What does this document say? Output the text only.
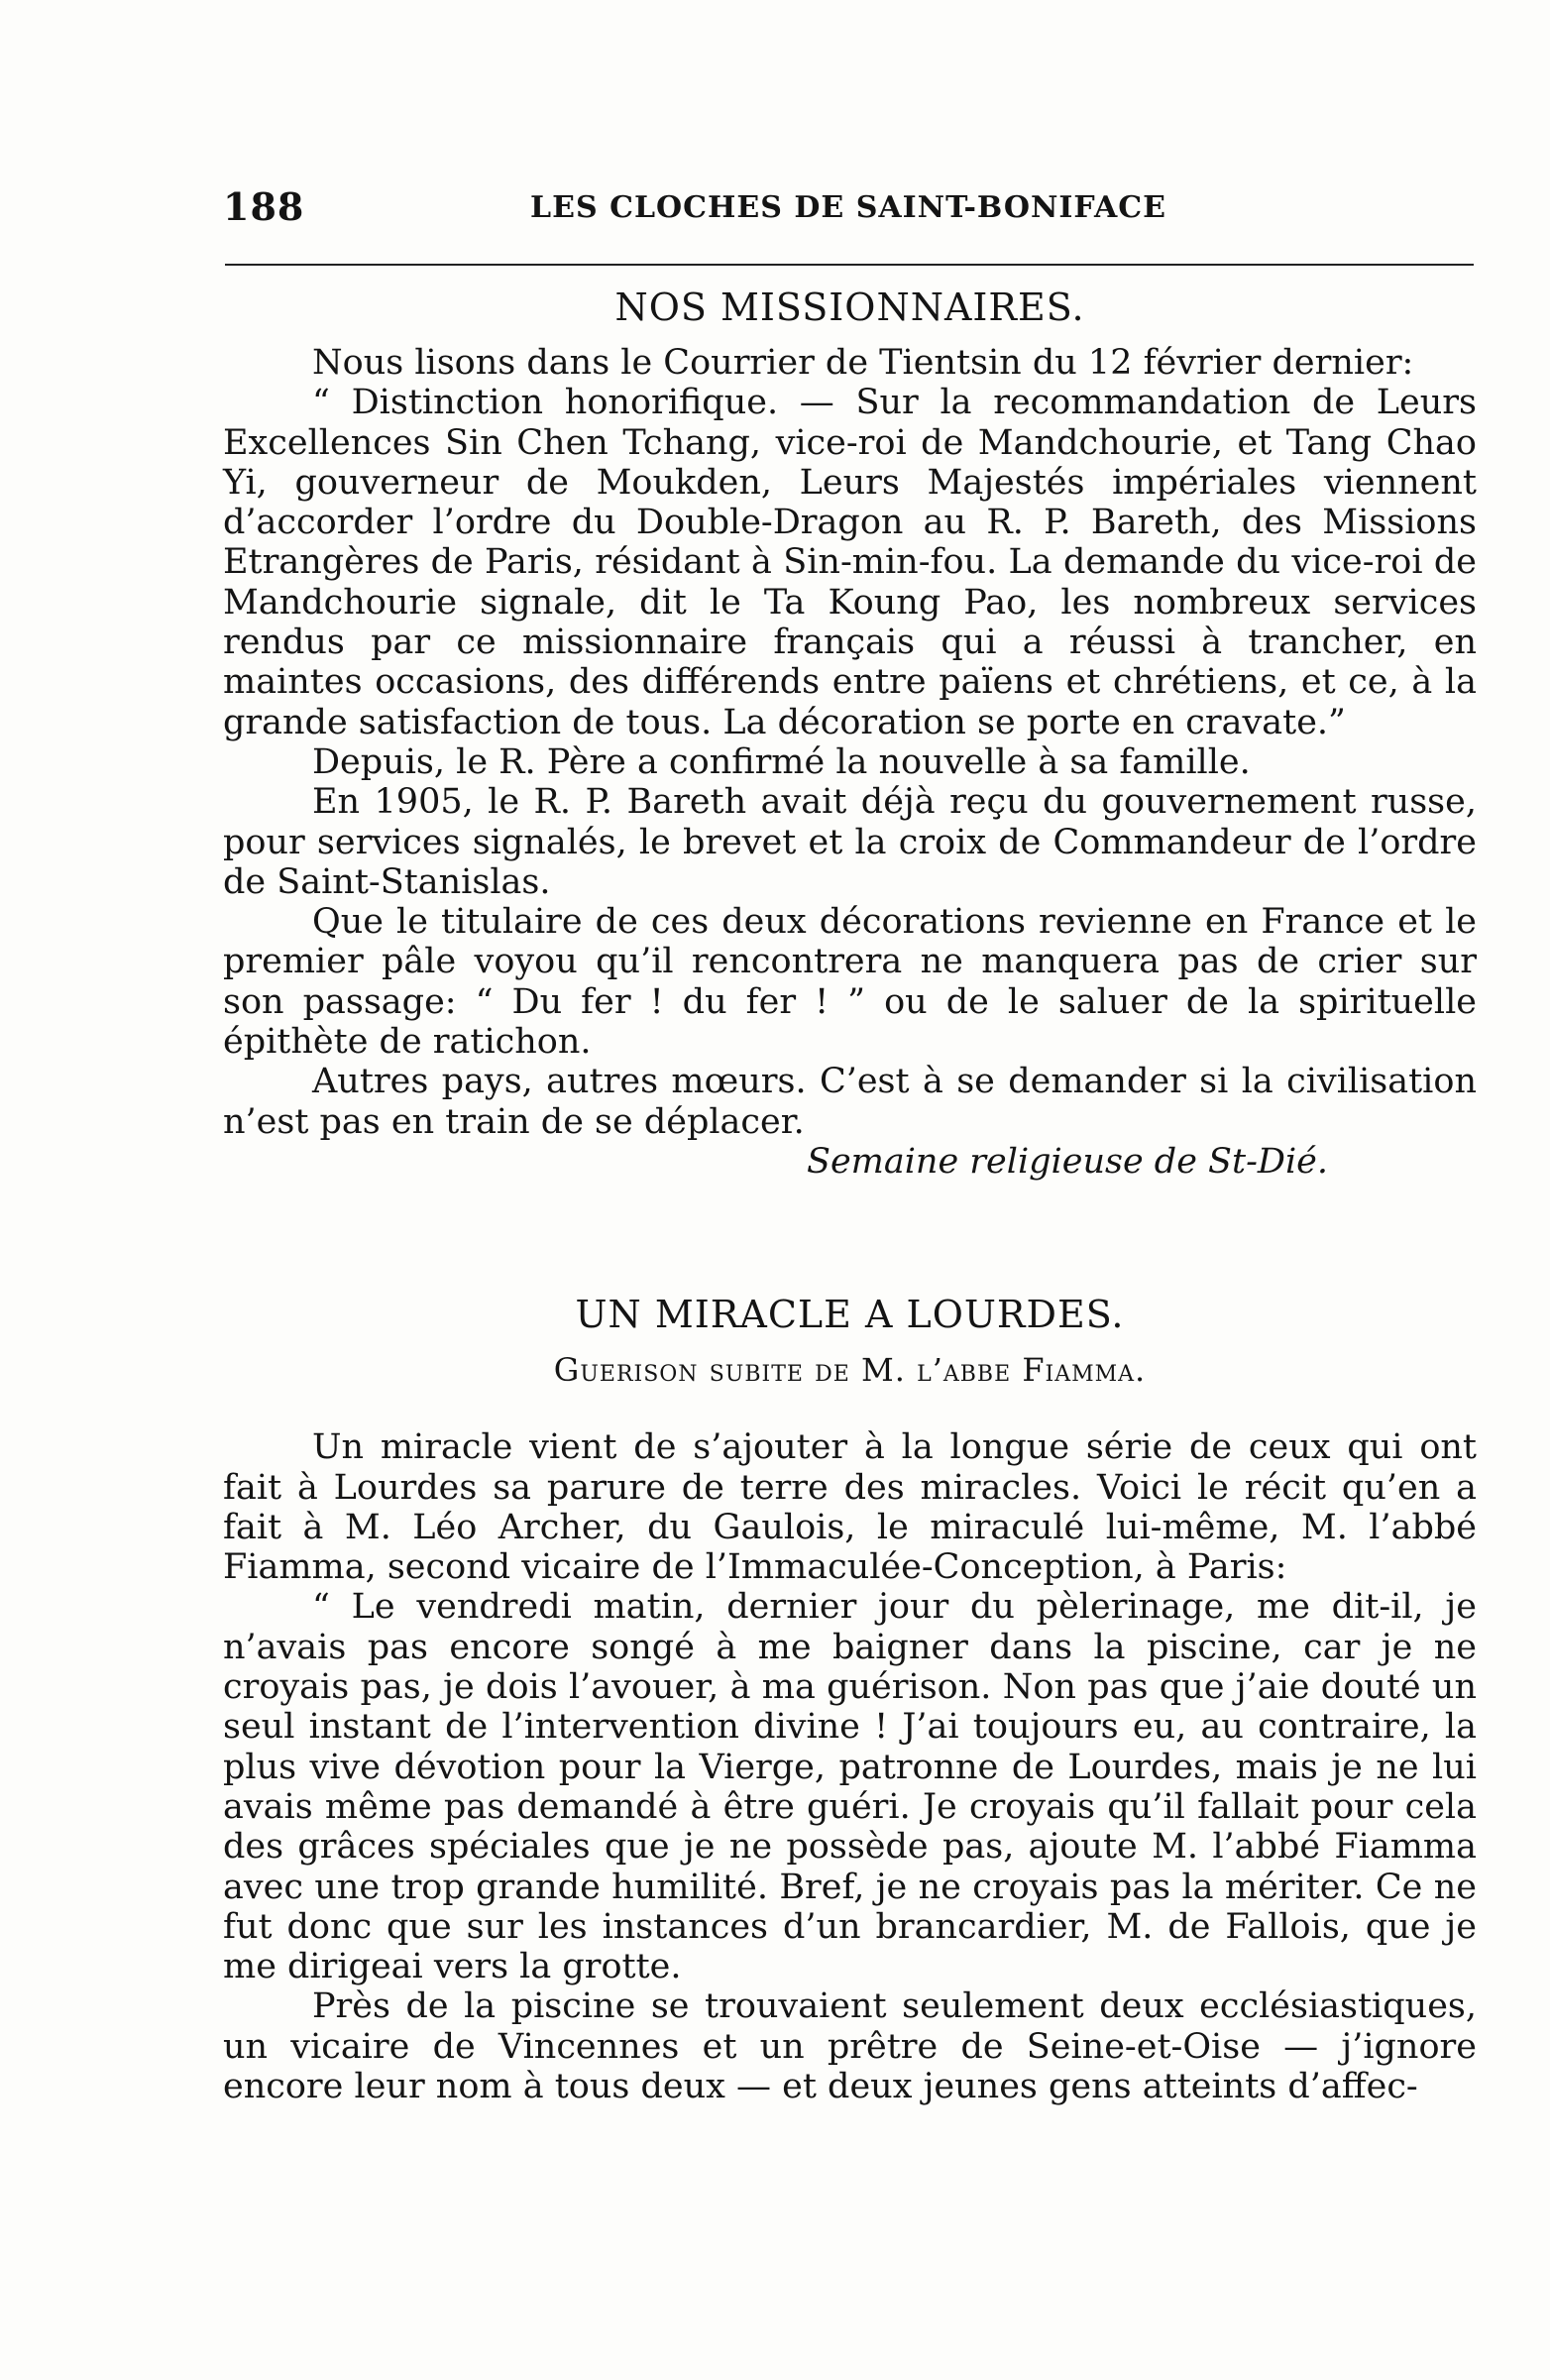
188	LES CLOCHES DE SAINT-BONIFACE
NOS MISSIONNAIRES.

Nous lisons dans le Courrier de Tientsin du 12 février dernier:

“ Distinction honorifique. — Sur la recommandation de Leurs Excellences Sin Chen Tchang, vice-roi de Mandchourie, et Tang Chao Yi, gouverneur de Moukden, Leurs Majestés impériales viennent d’accorder l’ordre du Double-Dragon au R. P. Bareth, des Missions Etrangères de Paris, résidant à Sin-min-fou. La demande du vice-roi de Mandchourie signale, dit le Ta Koung Pao, les nombreux services rendus par ce missionnaire français qui a réussi à trancher, en maintes occasions, des différends entre païens et chrétiens, et ce, à la grande satisfaction de tous. La décoration se porte en cravate.”

Depuis, le R. Père a confirmé la nouvelle à sa famille.

En 1905, le R. P. Bareth avait déjà reçu du gouvernement russe, pour services signalés, le brevet et la croix de Commandeur de l’ordre de Saint-Stanislas.

Que le titulaire de ces deux décorations revienne en France et le premier pâle voyou qu’il rencontrera ne manquera pas de crier sur son passage: “ Du fer ! du fer ! ” ou de le saluer de la spirituelle épithète de ratichon.

Autres pays, autres mœurs. C’est à se demander si la civilisation n’est pas en train de se déplacer.

Semaine religieuse de St-Dié.
UN MIRACLE A LOURDES.
Guerison subite de M. l’abbe Fiamma.

Un miracle vient de s’ajouter à la longue série de ceux qui ont fait à Lourdes sa parure de terre des miracles. Voici le récit qu’en a fait à M. Léo Archer, du Gaulois, le miraculé lui-même, M. l’abbé Fiamma, second vicaire de l’Immaculée-Conception, à Paris:

“ Le vendredi matin, dernier jour du pèlerinage, me dit-il, je n’avais pas encore songé à me baigner dans la piscine, car je ne croyais pas, je dois l’avouer, à ma guérison. Non pas que j’aie douté un seul instant de l’intervention divine ! J’ai toujours eu, au contraire, la plus vive dévotion pour la Vierge, patronne de Lourdes, mais je ne lui avais même pas demandé à être guéri. Je croyais qu’il fallait pour cela des grâces spéciales que je ne possède pas, ajoute M. l’abbé Fiamma avec une trop grande humilité. Bref, je ne croyais pas la mériter. Ce ne fut donc que sur les instances d’un brancardier, M. de Fallois, que je me dirigeai vers la grotte.

Près de la piscine se trouvaient seulement deux ecclésiastiques, un vicaire de Vincennes et un prêtre de Seine-et-Oise — j’ignore encore leur nom à tous deux — et deux jeunes gens atteints d’affec-
